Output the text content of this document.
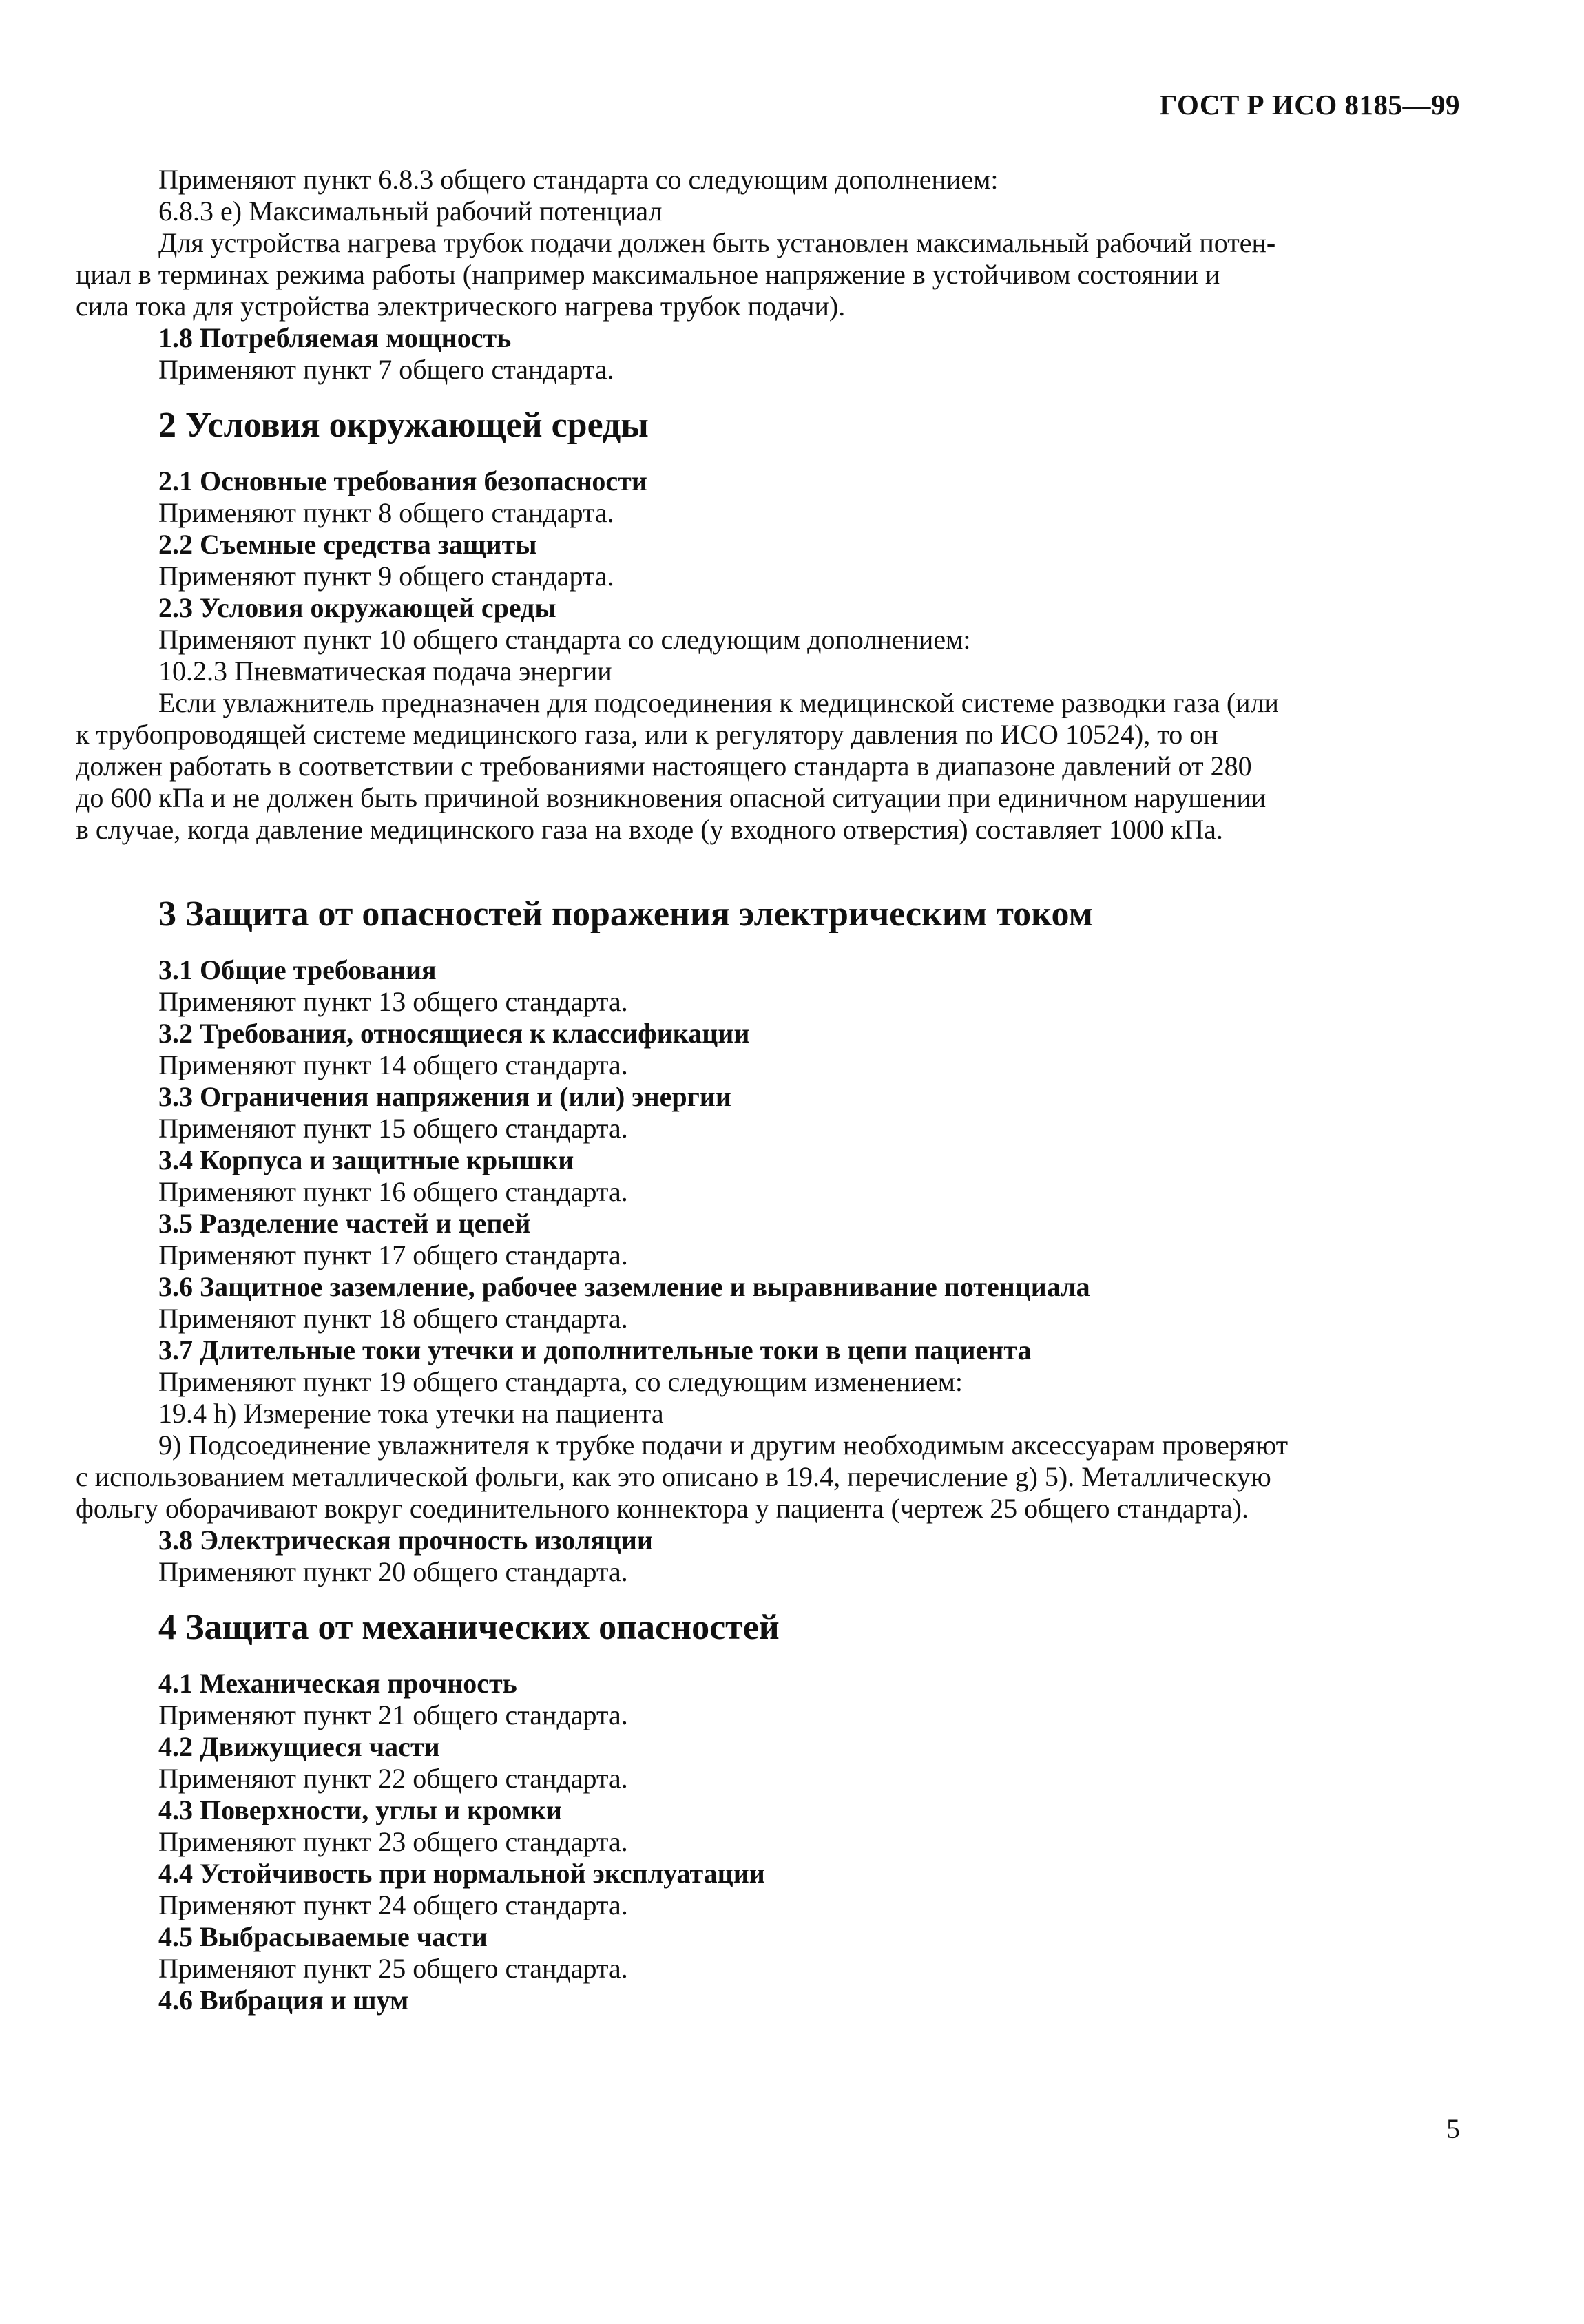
ГОСТ Р ИСО 8185—99

Применяют пункт 6.8.3 общего стандарта со следующим дополнением:

6.8.3 е) Максимальный рабочий потенциал

Для устройства нагрева трубок подачи должен быть установлен максимальный рабочий потен-

циал в терминах режима работы (например максимальное напряжение в устойчивом состоянии и

сила тока для устройства электрического нагрева трубок подачи).

1.8 Потребляемая мощность

Применяют пункт 7 общего стандарта.

2 Условия окружающей среды

2.1 Основные требования безопасности

Применяют пункт 8 общего стандарта.

2.2 Съемные средства защиты

Применяют пункт 9 общего стандарта.

2.3 Условия окружающей среды

Применяют пункт 10 общего стандарта со следующим дополнением:

10.2.3 Пневматическая подача энергии

Если увлажнитель предназначен для подсоединения к медицинской системе разводки газа (или

к трубопроводящей системе медицинского газа, или к регулятору давления по ИСО 10524), то он

должен работать в соответствии с требованиями настоящего стандарта в диапазоне давлений от 280

до 600 кПа и не должен быть причиной возникновения опасной ситуации при единичном нарушении

в случае, когда давление медицинского газа на входе (у входного отверстия) составляет 1000 кПа.

3 Защита от опасностей поражения электрическим током

3.1 Общие требования

Применяют пункт 13 общего стандарта.

3.2 Требования, относящиеся к классификации

Применяют пункт 14 общего стандарта.

3.3 Ограничения напряжения и (или) энергии

Применяют пункт 15 общего стандарта.

3.4 Корпуса и защитные крышки

Применяют пункт 16 общего стандарта.

3.5 Разделение частей и цепей

Применяют пункт 17 общего стандарта.

3.6 Защитное заземление, рабочее заземление и выравнивание потенциала

Применяют пункт 18 общего стандарта.

3.7 Длительные токи утечки и дополнительные токи в цепи пациента

Применяют пункт 19 общего стандарта, со следующим изменением:

19.4 h) Измерение тока утечки на пациента

9) Подсоединение увлажнителя к трубке подачи и другим необходимым аксессуарам проверяют

с использованием металлической фольги, как это описано в 19.4, перечисление g) 5). Металлическую

фольгу оборачивают вокруг соединительного коннектора у пациента (чертеж 25 общего стандарта).

3.8 Электрическая прочность изоляции

Применяют пункт 20 общего стандарта.

4 Защита от механических опасностей

4.1 Механическая прочность

Применяют пункт 21 общего стандарта.

4.2 Движущиеся части

Применяют пункт 22 общего стандарта.

4.3 Поверхности, углы и кромки

Применяют пункт 23 общего стандарта.

4.4 Устойчивость при нормальной эксплуатации

Применяют пункт 24 общего стандарта.

4.5 Выбрасываемые части

Применяют пункт 25 общего стандарта.

4.6 Вибрация и шум

5
